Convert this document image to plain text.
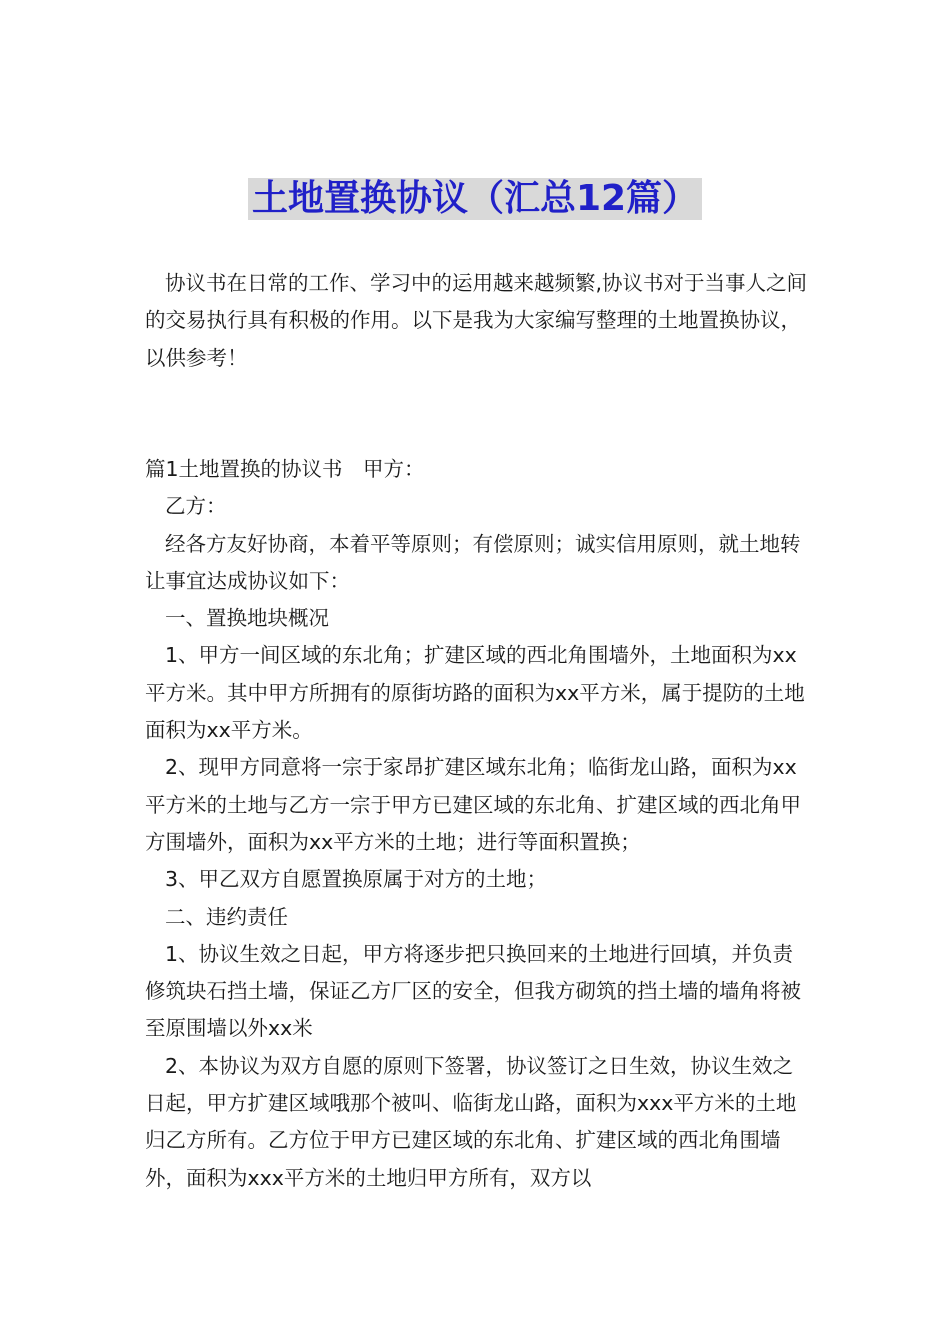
土地置换协议（汇总12篇）

协议书在日常的工作、学习中的运用越来越频繁,协议书对于当事人之间的交易执行具有积极的作用。以下是我为大家编写整理的土地置换协议，以供参考！

篇1土地置换的协议书　甲方：

乙方：

经各方友好协商，本着平等原则；有偿原则；诚实信用原则，就土地转让事宜达成协议如下：

一、置换地块概况

1、甲方一间区域的东北角；扩建区域的西北角围墙外，土地面积为xx平方米。其中甲方所拥有的原街坊路的面积为xx平方米，属于提防的土地面积为xx平方米。

2、现甲方同意将一宗于家昂扩建区域东北角；临街龙山路，面积为xx平方米的土地与乙方一宗于甲方已建区域的东北角、扩建区域的西北角甲方围墙外，面积为xx平方米的土地；进行等面积置换；

3、甲乙双方自愿置换原属于对方的土地；

二、违约责任

1、协议生效之日起，甲方将逐步把只换回来的土地进行回填，并负责修筑块石挡土墙，保证乙方厂区的安全，但我方砌筑的挡土墙的墙角将被至原围墙以外xx米

2、本协议为双方自愿的原则下签署，协议签订之日生效，协议生效之日起，甲方扩建区域哦那个被叫、临街龙山路，面积为xxx平方米的土地归乙方所有。乙方位于甲方已建区域的东北角、扩建区域的西北角围墙外，面积为xxx平方米的土地归甲方所有，双方以
